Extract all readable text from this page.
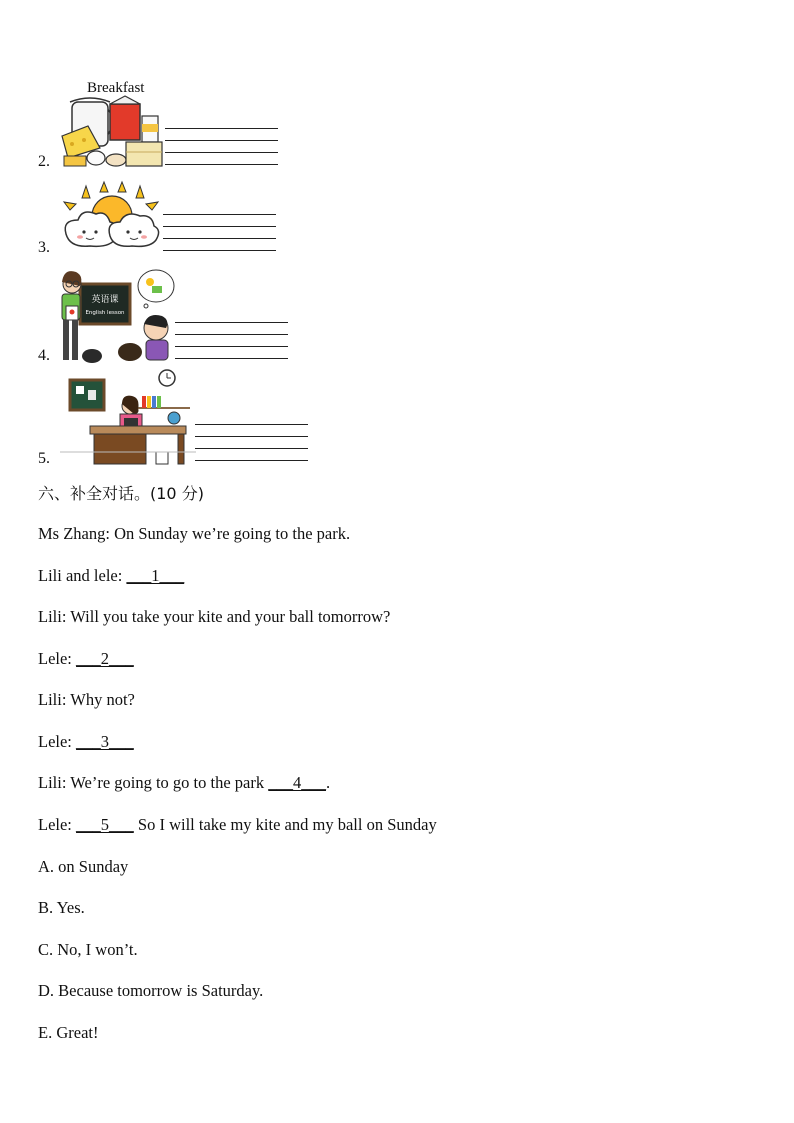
2.
Breakfast
3.
4.
英语课
English lesson
5.
六、补全对话。(10 分)
Ms Zhang: On Sunday we’re going to the park.
Lili and lele: ___1___
Lili: Will you take your kite and your ball tomorrow?
Lele: ___2___
Lili: Why not?
Lele: ___3___
Lili: We’re going to go to the park ___4___.
Lele: ___5___ So I will take my kite and my ball on Sunday
A. on Sunday
B. Yes.
C. No, I won’t.
D. Because tomorrow is Saturday.
E. Great!
